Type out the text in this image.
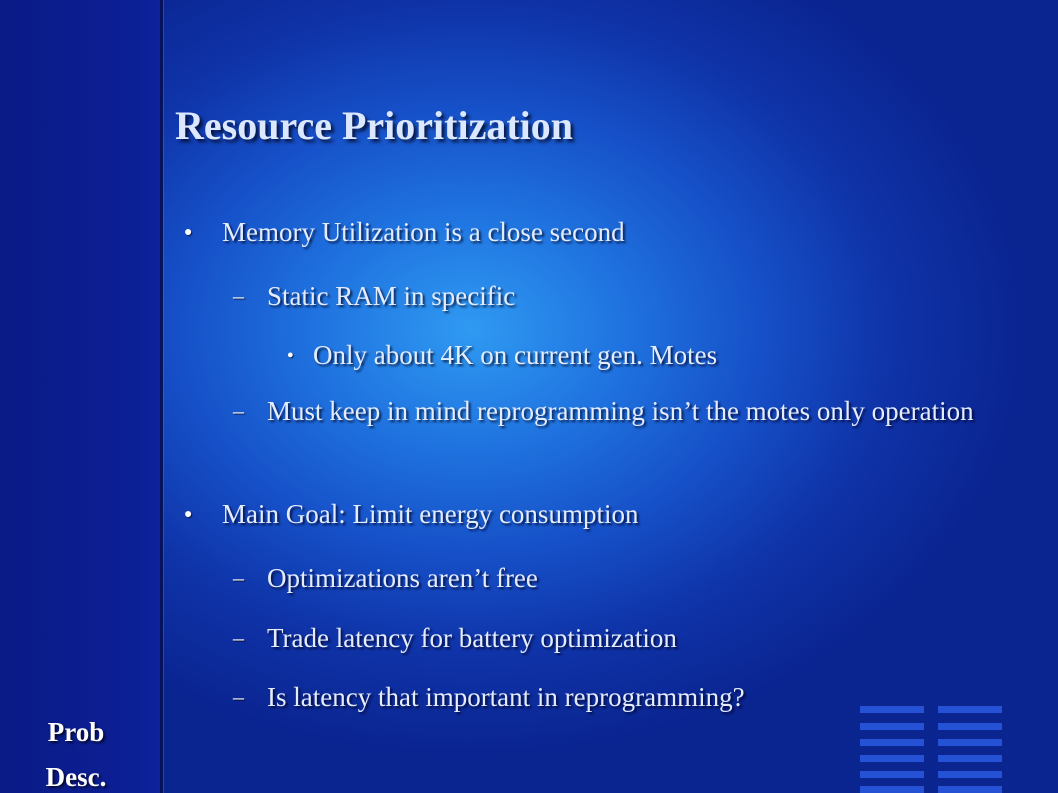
Prob
Desc.
Resource Prioritization
● Memory Utilization is a close second
– Static RAM in specific
● Only about 4K on current gen. Motes
– Must keep in mind reprogramming isn’t the motes only operation
● Main Goal: Limit energy consumption
– Optimizations aren’t free
– Trade latency for battery optimization
– Is latency that important in reprogramming?
